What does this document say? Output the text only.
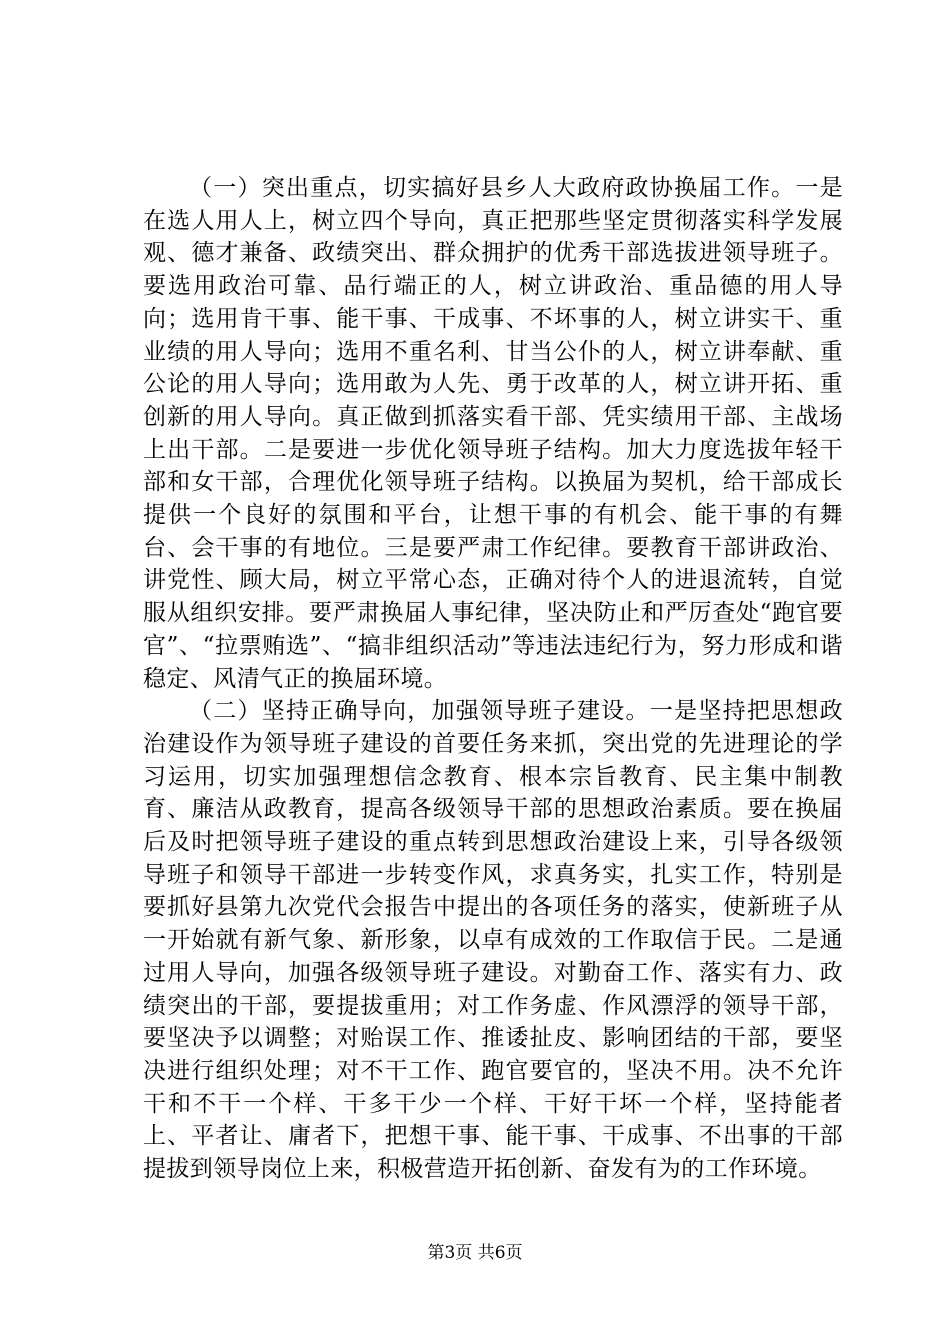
（一）突出重点，切实搞好县乡人大政府政协换届工作。一是在选人用人上，树立四个导向，真正把那些坚定贯彻落实科学发展观、德才兼备、政绩突出、群众拥护的优秀干部选拔进领导班子。要选用政治可靠、品行端正的人，树立讲政治、重品德的用人导向；选用肯干事、能干事、干成事、不坏事的人，树立讲实干、重业绩的用人导向；选用不重名利、甘当公仆的人，树立讲奉献、重公论的用人导向；选用敢为人先、勇于改革的人，树立讲开拓、重创新的用人导向。真正做到抓落实看干部、凭实绩用干部、主战场上出干部。二是要进一步优化领导班子结构。加大力度选拔年轻干部和女干部，合理优化领导班子结构。以换届为契机，给干部成长提供一个良好的氛围和平台，让想干事的有机会、能干事的有舞台、会干事的有地位。三是要严肃工作纪律。要教育干部讲政治、讲党性、顾大局，树立平常心态，正确对待个人的进退流转，自觉服从组织安排。要严肃换届人事纪律，坚决防止和严厉查处“跑官要官”、“拉票贿选”、“搞非组织活动”等违法违纪行为，努力形成和谐稳定、风清气正的换届环境。

（二）坚持正确导向，加强领导班子建设。一是坚持把思想政治建设作为领导班子建设的首要任务来抓，突出党的先进理论的学习运用，切实加强理想信念教育、根本宗旨教育、民主集中制教育、廉洁从政教育，提高各级领导干部的思想政治素质。要在换届后及时把领导班子建设的重点转到思想政治建设上来，引导各级领导班子和领导干部进一步转变作风，求真务实，扎实工作，特别是要抓好县第九次党代会报告中提出的各项任务的落实，使新班子从一开始就有新气象、新形象，以卓有成效的工作取信于民。二是通过用人导向，加强各级领导班子建设。对勤奋工作、落实有力、政绩突出的干部，要提拔重用；对工作务虚、作风漂浮的领导干部，要坚决予以调整；对贻误工作、推诿扯皮、影响团结的干部，要坚决进行组织处理；对不干工作、跑官要官的，坚决不用。决不允许干和不干一个样、干多干少一个样、干好干坏一个样，坚持能者上、平者让、庸者下，把想干事、能干事、干成事、不出事的干部提拔到领导岗位上来，积极营造开拓创新、奋发有为的工作环境。

第3页 共6页
